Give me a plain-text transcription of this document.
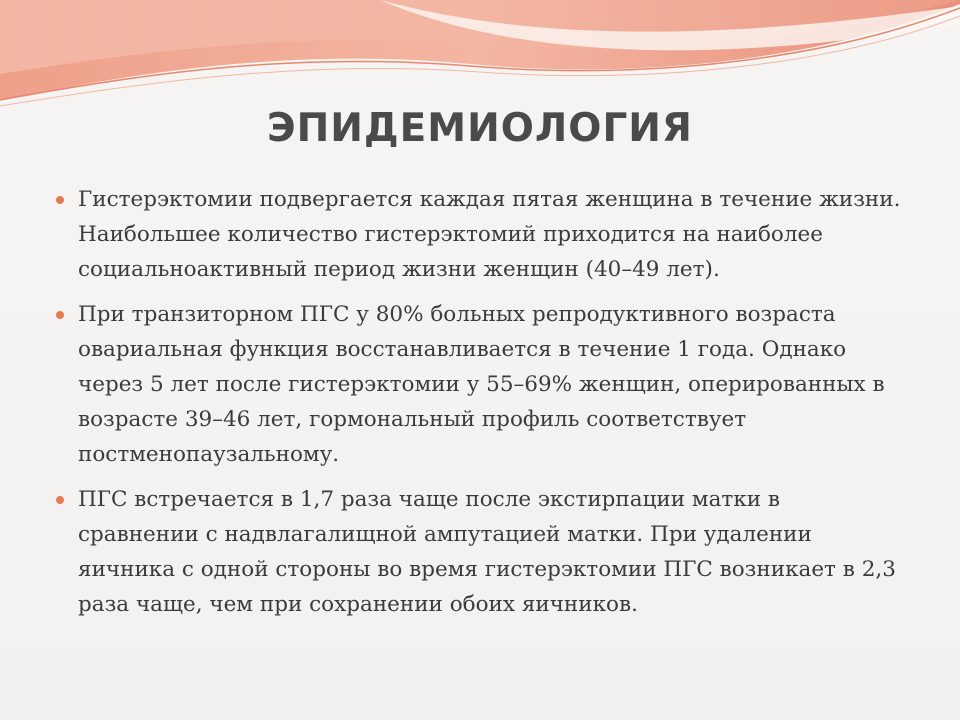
ЭПИДЕМИОЛОГИЯ
Гистерэктомии подвергается каждая пятая женщина в течение жизни. Наибольшее количество гистерэктомий приходится на наиболее социальноактивный период жизни женщин (40–49 лет).
При транзиторном ПГС у 80% больных репродуктивного возраста овариальная функция восстанавливается в течение 1 года. Однако через 5 лет после гистерэктомии у 55–69% женщин, оперированных в возрасте 39–46 лет, гормональный профиль соответствует постменопаузальному.
ПГС встречается в 1,7 раза чаще после экстирпации матки в сравнении с надвлагалищной ампутацией матки. При удалении яичника с одной стороны во время гистерэктомии ПГС возникает в 2,3 раза чаще, чем при сохранении обоих яичников.
